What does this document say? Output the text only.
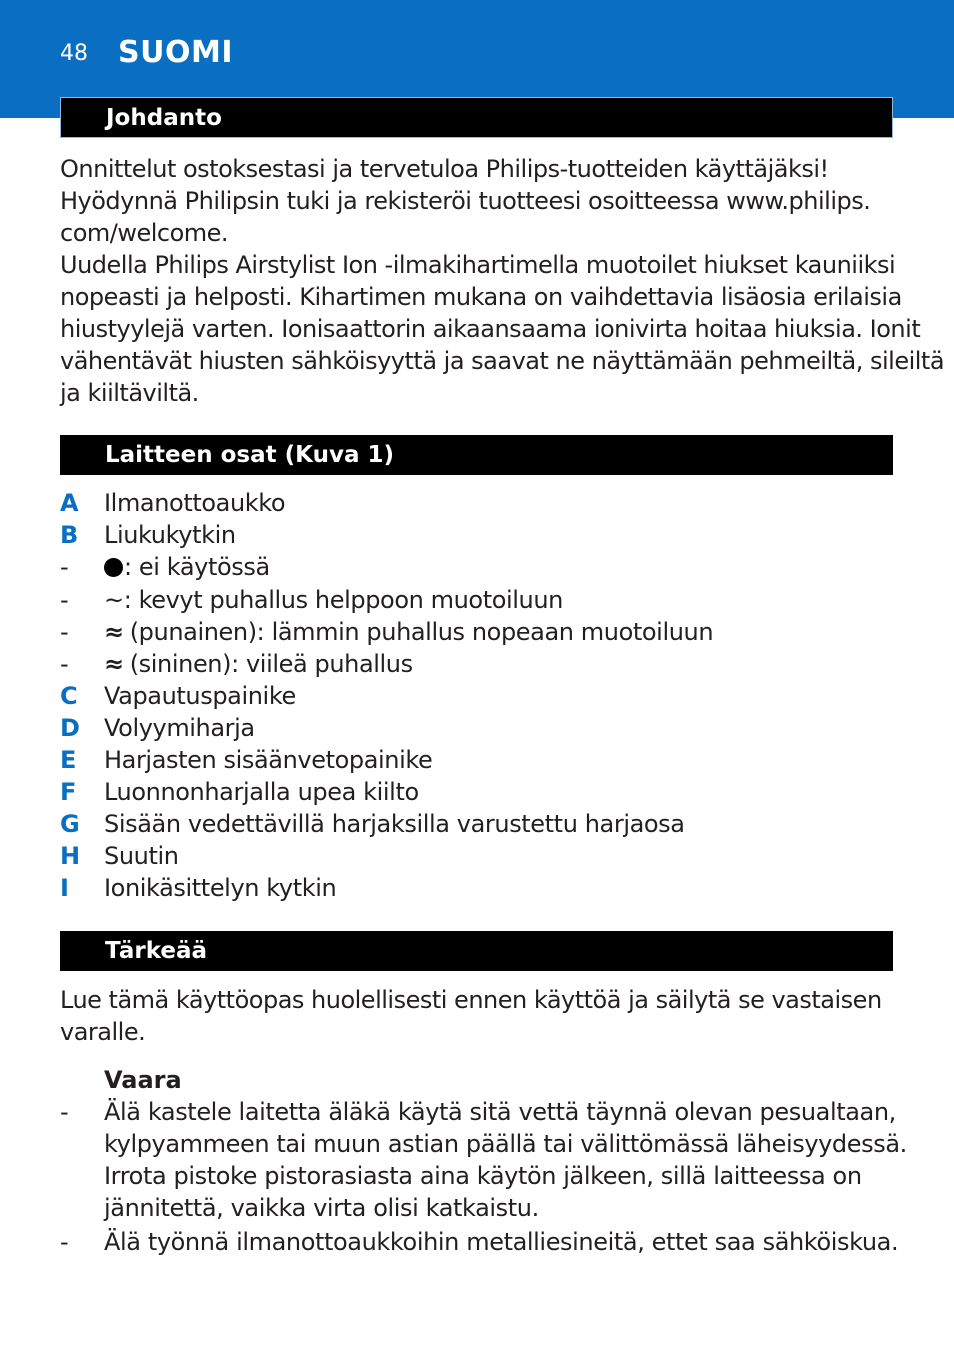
48 SUOMI
Johdanto
Onnittelut ostoksestasi ja tervetuloa Philips-tuotteiden käyttäjäksi!
Hyödynnä Philipsin tuki ja rekisteröi tuotteesi osoitteessa www.philips.
com/welcome.
Uudella Philips Airstylist Ion -ilmakihartimella muotoilet hiukset kauniiksi
nopeasti ja helposti. Kihartimen mukana on vaihdettavia lisäosia erilaisia
hiustyylejä varten. Ionisaattorin aikaansaama ionivirta hoitaa hiuksia. Ionit
vähentävät hiusten sähköisyyttä ja saavat ne näyttämään pehmeiltä, sileiltä
ja kiiltäviltä.
Laitteen osat (Kuva 1)
A Ilmanottoaukko
B Liukukytkin
- : ei käytössä
- ~: kevyt puhallus helppoon muotoiluun
- ≈ (punainen): lämmin puhallus nopeaan muotoiluun
- ≈ (sininen): viileä puhallus
C Vapautuspainike
D Volyymiharja
E Harjasten sisäänvetopainike
F Luonnonharjalla upea kiilto
G Sisään vedettävillä harjaksilla varustettu harjaosa
H Suutin
I Ionikäsittelyn kytkin
Tärkeää
Lue tämä käyttöopas huolellisesti ennen käyttöä ja säilytä se vastaisen
varalle.
Vaara
- Älä kastele laitetta äläkä käytä sitä vettä täynnä olevan pesualtaan,
kylpyammeen tai muun astian päällä tai välittömässä läheisyydessä.
Irrota pistoke pistorasiasta aina käytön jälkeen, sillä laitteessa on
jännitettä, vaikka virta olisi katkaistu.
- Älä työnnä ilmanottoaukkoihin metalliesineitä, ettet saa sähköiskua.
